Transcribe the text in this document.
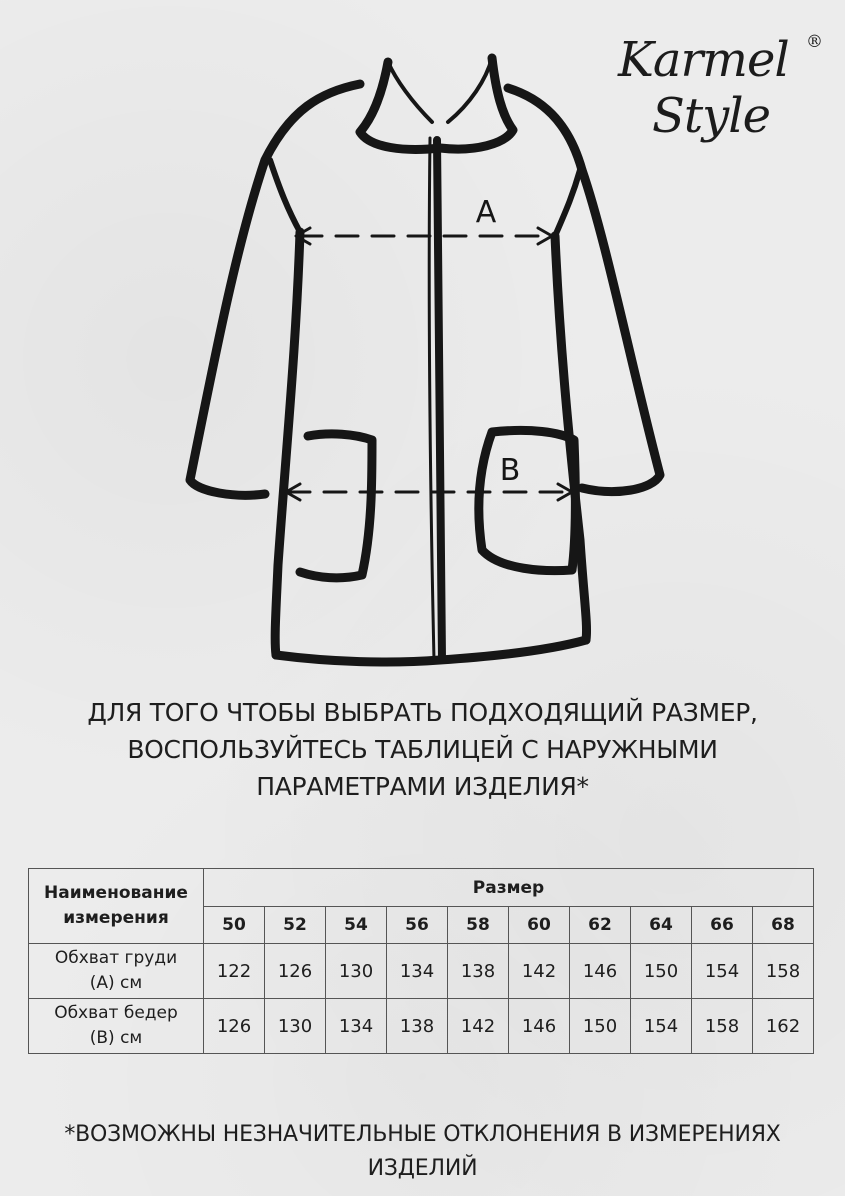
Karmel ®
Style
A
B
ДЛЯ ТОГО ЧТОБЫ ВЫБРАТЬ ПОДХОДЯЩИЙ РАЗМЕР,
ВОСПОЛЬЗУЙТЕСЬ ТАБЛИЦЕЙ С НАРУЖНЫМИ
ПАРАМЕТРАМИ ИЗДЕЛИЯ*
Наименование
измерения	Размер									
	50	52	54	56	58	60	62	64	66	68
Обхват груди
(А) см	122	126	130	134	138	142	146	150	154	158
Обхват бедер
(В) см	126	130	134	138	142	146	150	154	158	162
*ВОЗМОЖНЫ НЕЗНАЧИТЕЛЬНЫЕ ОТКЛОНЕНИЯ В ИЗМЕРЕНИЯХ
ИЗДЕЛИЙ
